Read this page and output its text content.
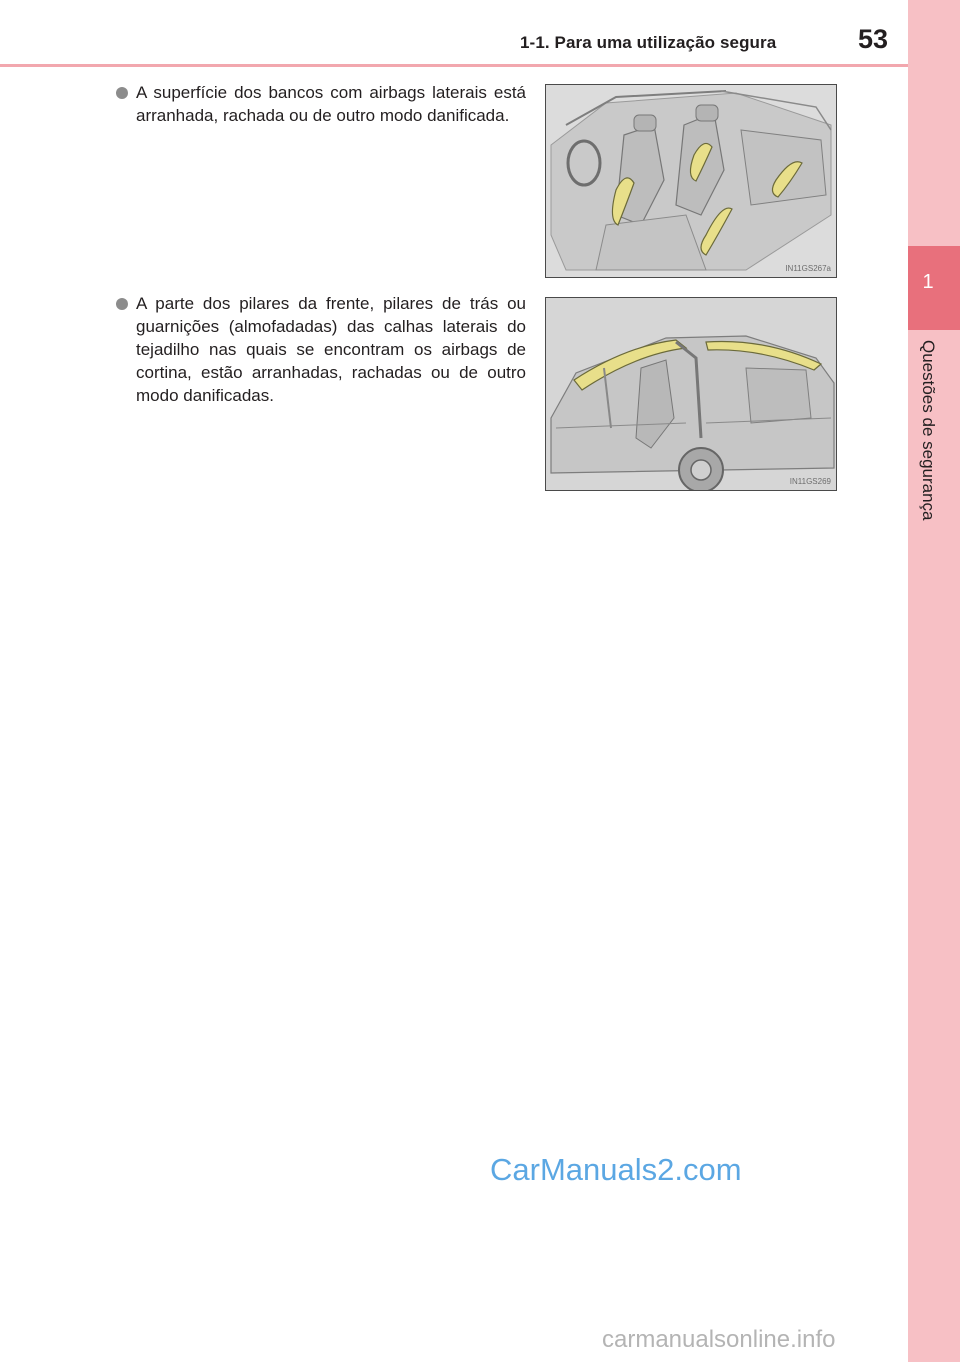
1-1. Para uma utilização segura	53
1
Questões de segurança
A superfície dos bancos com airbags laterais está arranhada, rachada ou de outro modo danificada.
IN11GS267a
A parte dos pilares da frente, pilares de trás ou guarnições (almofadadas) das calhas laterais do tejadilho nas quais se encontram os airbags de cortina, estão arranhadas, rachadas ou de outro modo danificadas.
IN11GS269
CarManuals2.com
carmanualsonline.info
